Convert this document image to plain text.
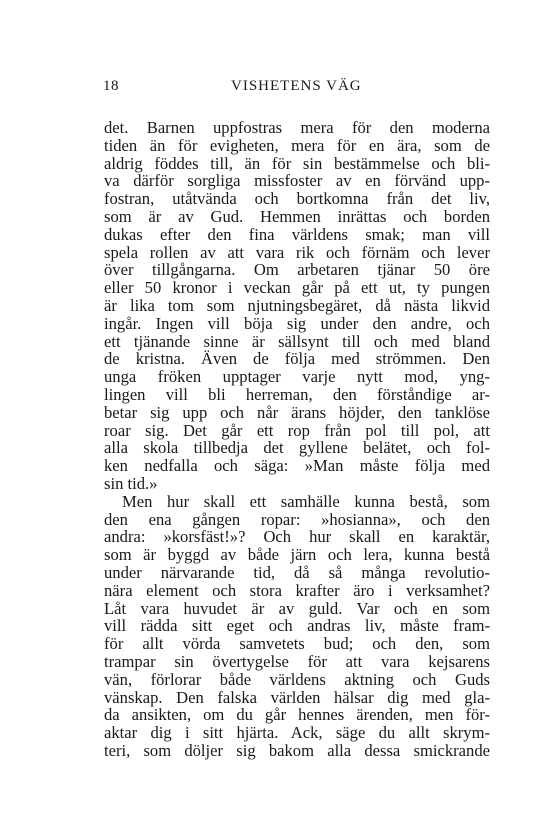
18	VISHETENS VÄG
det. Barnen uppfostras mera för den moderna
tiden än för evigheten, mera för en ära, som de
aldrig föddes till, än för sin bestämmelse och bli-
va därför sorgliga missfoster av en förvänd upp-
fostran, utåtvända och bortkomna från det liv,
som är av Gud. Hemmen inrättas och borden
dukas efter den fina världens smak; man vill
spela rollen av att vara rik och förnäm och lever
över tillgångarna. Om arbetaren tjänar 50 öre
eller 50 kronor i veckan går på ett ut, ty pungen
är lika tom som njutningsbegäret, då nästa likvid
ingår. Ingen vill böja sig under den andre, och
ett tjänande sinne är sällsynt till och med bland
de kristna. Även de följa med strömmen. Den
unga fröken upptager varje nytt mod, yng-
lingen vill bli herreman, den förståndige ar-
betar sig upp och når ärans höjder, den tanklöse
roar sig. Det går ett rop från pol till pol, att
alla skola tillbedja det gyllene belätet, och fol-
ken nedfalla och säga: »Man måste följa med
sin tid.»
Men hur skall ett samhälle kunna bestå, som
den ena gången ropar: »hosianna», och den
andra: »korsfäst!»? Och hur skall en karaktär,
som är byggd av både järn och lera, kunna bestå
under närvarande tid, då så många revolutio-
nära element och stora krafter äro i verksamhet?
Låt vara huvudet är av guld. Var och en som
vill rädda sitt eget och andras liv, måste fram-
för allt vörda samvetets bud; och den, som
trampar sin övertygelse för att vara kejsarens
vän, förlorar både världens aktning och Guds
vänskap. Den falska världen hälsar dig med gla-
da ansikten, om du går hennes ärenden, men för-
aktar dig i sitt hjärta. Ack, säge du allt skrym-
teri, som döljer sig bakom alla dessa smickrande
